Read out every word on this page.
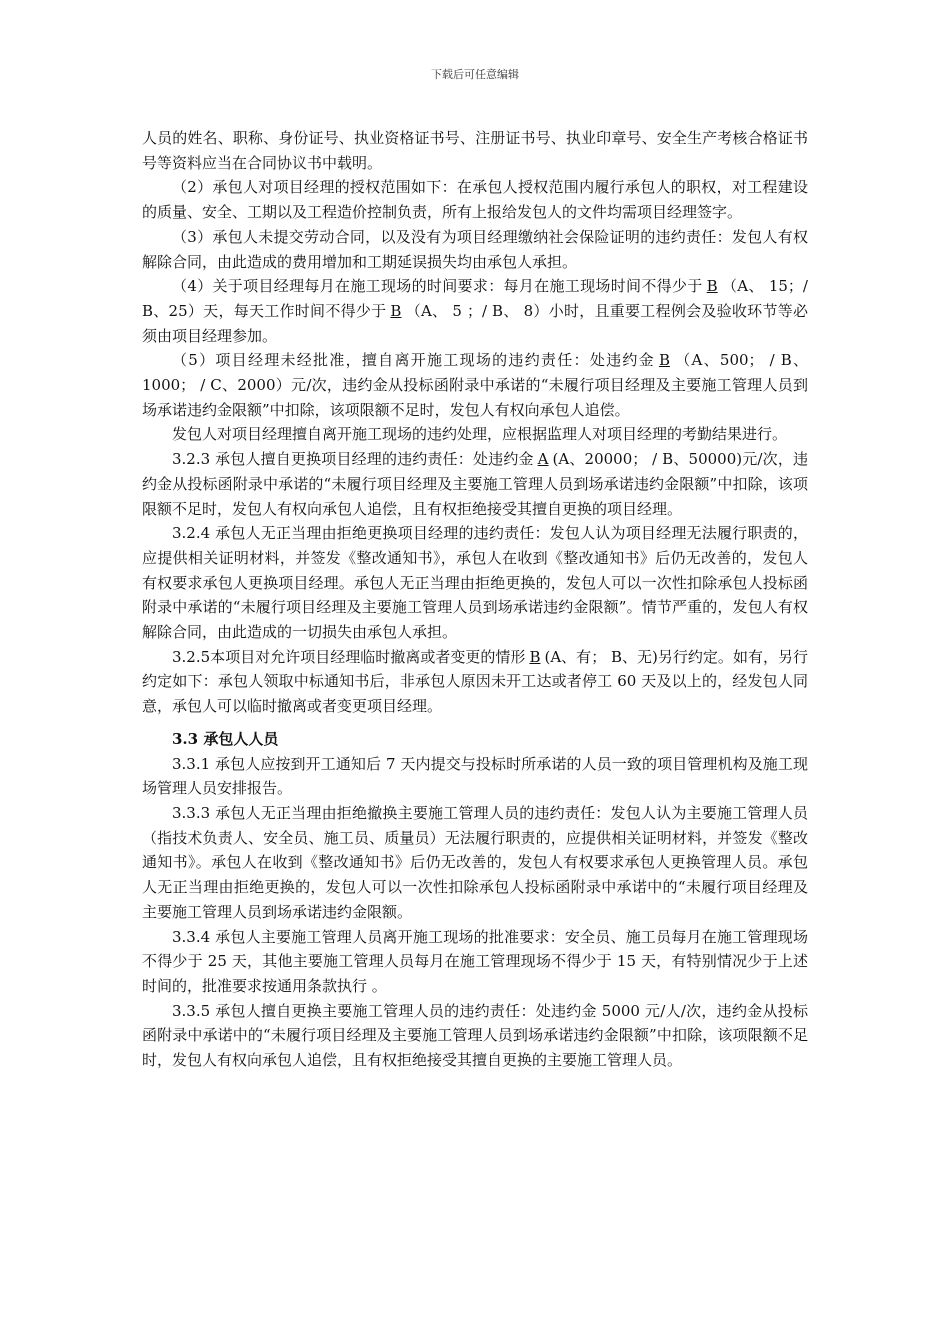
下载后可任意编辑

人员的姓名、职称、身份证号、执业资格证书号、注册证书号、执业印章号、安全生产考核合格证书号等资料应当在合同协议书中载明。

（2）承包人对项目经理的授权范围如下：在承包人授权范围内履行承包人的职权，对工程建设的质量、安全、工期以及工程造价控制负责，所有上报给发包人的文件均需项目经理签字。

（3）承包人未提交劳动合同，以及没有为项目经理缴纳社会保险证明的违约责任：发包人有权解除合同，由此造成的费用增加和工期延误损失均由承包人承担。

（4）关于项目经理每月在施工现场的时间要求：每月在施工现场时间不得少于 B （A、 15；/ B、25）天，每天工作时间不得少于 B （A、 5 ；/ B、 8）小时，且重要工程例会及验收环节等必须由项目经理参加。

（5）项目经理未经批准，擅自离开施工现场的违约责任：处违约金 B （A、500； / B、1000； / C、2000）元/次，违约金从投标函附录中承诺的“未履行项目经理及主要施工管理人员到场承诺违约金限额”中扣除，该项限额不足时，发包人有权向承包人追偿。

发包人对项目经理擅自离开施工现场的违约处理，应根据监理人对项目经理的考勤结果进行。

3.2.3 承包人擅自更换项目经理的违约责任：处违约金 A (A、20000； / B、50000)元/次，违约金从投标函附录中承诺的“未履行项目经理及主要施工管理人员到场承诺违约金限额”中扣除，该项限额不足时，发包人有权向承包人追偿，且有权拒绝接受其擅自更换的项目经理。

3.2.4 承包人无正当理由拒绝更换项目经理的违约责任：发包人认为项目经理无法履行职责的，应提供相关证明材料，并签发《整改通知书》，承包人在收到《整改通知书》后仍无改善的，发包人有权要求承包人更换项目经理。承包人无正当理由拒绝更换的，发包人可以一次性扣除承包人投标函附录中承诺的“未履行项目经理及主要施工管理人员到场承诺违约金限额”。情节严重的，发包人有权解除合同，由此造成的一切损失由承包人承担。

3.2.5本项目对允许项目经理临时撤离或者变更的情形 B (A、有； B、无)另行约定。如有，另行约定如下：承包人领取中标通知书后，非承包人原因未开工达或者停工 60 天及以上的，经发包人同意，承包人可以临时撤离或者变更项目经理。

3.3 承包人人员

3.3.1 承包人应按到开工通知后 7 天内提交与投标时所承诺的人员一致的项目管理机构及施工现场管理人员安排报告。

3.3.3 承包人无正当理由拒绝撤换主要施工管理人员的违约责任：发包人认为主要施工管理人员（指技术负责人、安全员、施工员、质量员）无法履行职责的，应提供相关证明材料，并签发《整改通知书》。承包人在收到《整改通知书》后仍无改善的，发包人有权要求承包人更换管理人员。承包人无正当理由拒绝更换的，发包人可以一次性扣除承包人投标函附录中承诺中的“未履行项目经理及主要施工管理人员到场承诺违约金限额。

3.3.4 承包人主要施工管理人员离开施工现场的批准要求：安全员、施工员每月在施工管理现场不得少于 25 天，其他主要施工管理人员每月在施工管理现场不得少于 15 天，有特别情况少于上述时间的，批准要求按通用条款执行 。

3.3.5 承包人擅自更换主要施工管理人员的违约责任：处违约金 5000 元/人/次，违约金从投标函附录中承诺中的“未履行项目经理及主要施工管理人员到场承诺违约金限额”中扣除，该项限额不足时，发包人有权向承包人追偿，且有权拒绝接受其擅自更换的主要施工管理人员。
